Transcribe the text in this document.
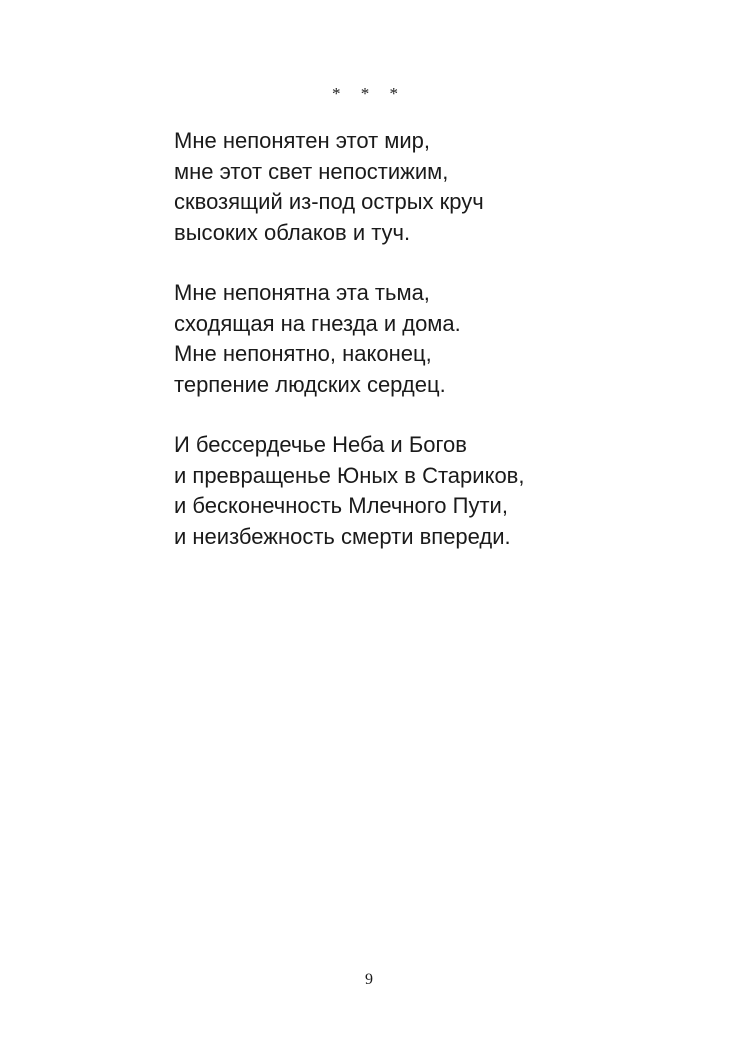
* * *
Мне непонятен этот мир,
мне этот свет непостижим,
сквозящий из-под острых круч
высоких облаков и туч.
Мне непонятна эта тьма,
сходящая на гнезда и дома.
Мне непонятно, наконец,
терпение людских сердец.
И бессердечье Неба и Богов
и превращенье Юных в Стариков,
и бесконечность Млечного Пути,
и неизбежность смерти впереди.
9
